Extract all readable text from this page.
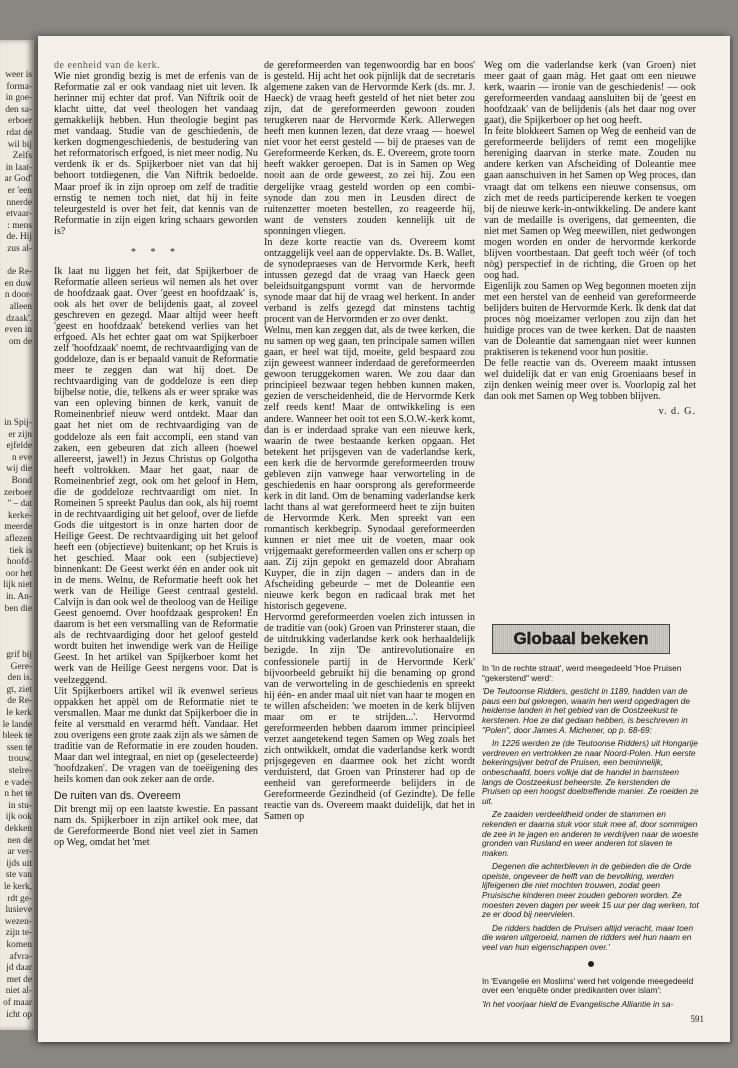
weer is
forma-
in goe-
den sa-
erboer
rdat de
wil bij
Zelfs
in laat-
ar God'
er 'een
nnerde
etvaar-
: mens
de. Hij
zus al-
de Re-
en duw
n door-
alleen
dzaak'.
even in
om de
in Spij-
er zijn
ejfelde
n eve
wij die
Bond
zerboer
'' – dat
kerke-
meerde
aflezen
tiek is
hoofd-
oor het
lijk niet
in. An-
ben die
grif bij
Gere-
den is.
gt, ziet
de Re-
le kerk
le lande
bleek te
ssen te
trouw.
stelre-
e vade-
n het te
in stu-
ijk ook
dekken
nen de
ar ver-
ijds uit
ste van
le kerk,
rdt ge-
lusieve
wezen-
zijn te-
komen
afvra-
jd daar
met de
niet al-
of maar
icht op

de eenheid van de kerk.

Wie niet grondig bezig is met de erfenis van de Reformatie zal er ook vandaag niet uit leven. Ik herinner mij echter dat prof. Van Niftrik ooit de klacht uitte, dat veel theologen het vandaag gemakkelijk hebben. Hun theologie begint pas met vandaag. Studie van de geschiedenis, de kerken dogmengeschiedenis, de bestudering van het reformatorisch erfgoed, is niet meer nodig. Nu verdenk ik er ds. Spijkerboer niet van dat hij behoort totdiegenen, die Van Niftrik bedoelde. Maar proef ik in zijn oproep om zelf de traditie ernstig te nemen toch niet, dat hij in feite teleurgesteld is over het feit, dat kennis van de Reformatie in zijn eigen kring schaars geworden is?

* * *

Ik laat nu liggen het feit, dat Spijkerboer de Reformatie alleen serieus wil nemen als het over de hoofdzaak gaat. Over 'geest en hoofdzaak' is, ook als het over de belijdenis gaat, al zoveel geschreven en gezegd. Maar altijd weer heeft 'geest en hoofdzaak' betekend verlies van het erfgoed. Als het echter gaat om wat Spijkerboer zelf 'hoofdzaak' noemt, de rechtvaardiging van de goddeloze, dan is er bepaald vanuit de Reformatie meer te zeggen dan wat hij doet. De rechtvaardiging van de goddeloze is een diep bijbelse notie, die, telkens als er weer sprake was van een opleving binnen de kerk, vanuit de Romeinenbrief nieuw werd ontdekt. Maar dan gaat het niet om de rechtvaardiging van de goddeloze als een fait accompli, een stand van zaken, een gebeuren dat zich alleen (hoewel allereerst, jawel!) in Jezus Christus op Golgotha heeft voltrokken. Maar het gaat, naar de Romeinenbrief zegt, ook om het geloof in Hem, die de goddeloze rechtvaardigt om niet. In Romeinen 5 spreekt Paulus dan ook, als hij roemt in de rechtvaardiging uit het geloof, over de liefde Gods die uitgestort is in onze harten door de Heilige Geest. De rechtvaardiging uit het geloof heeft een (objectieve) buitenkant; op het Kruis is het geschied. Maar ook een (subjectieve) binnenkant: De Geest werkt één en ander ook uit in de mens. Welnu, de Reformatie heeft ook het werk van de Heilige Geest centraal gesteld. Calvijn is dan ook wel de theoloog van de Heilige Geest genoemd. Over hoofdzaak gesproken! En daarom is het een versmalling van de Reformatie als de rechtvaardiging door het geloof gesteld wordt buiten het inwendige werk van de Heilige Geest. In het artikel van Spijkerboer komt het werk van de Heilige Geest nergens voor. Dat is veelzeggend.

Uit Spijkerboers artikel wil ik evenwel serieus oppakken het appèl om de Reformatie niet te versmallen. Maar me dunkt dat Spijkerboer die in feite al versmald en verarmd héft. Vandaar. Het zou overigens een grote zaak zijn als we sàmen de traditie van de Reformatie in ere zouden houden. Maar dan wel integraal, en niet op (geselecteerde) 'hoofdzaken'. De vragen van de toeëigening des heils komen dan ook zeker aan de orde.

De ruiten van ds. Overeem

Dit brengt mij op een laatste kwestie. En passant nam ds. Spijkerboer in zijn artikel ook mee, dat de Gereformeerde Bond niet veel ziet in Samen op Weg, omdat het 'met

de gereformeerden van tegenwoordig bar en boos' is gesteld. Hij acht het ook pijnlijk dat de secretaris algemene zaken van de Hervormde Kerk (ds. mr. J. Haeck) de vraag heeft gesteld of het niet beter zou zijn, dat de gereformeerden gewoon zouden terugkeren naar de Hervormde Kerk. Allerwegen heeft men kunnen lezen, dat deze vraag — hoewel niet voor het eerst gesteld — bij de praeses van de Gereformeerde Kerken, ds. E. Overeem, grote toorn heeft wakker geroepen. Dat is in Samen op Weg nooit aan de orde geweest, zo zei hij. Zou een dergelijke vraag gesteld worden op een combi-synode dan zou men in Leusden direct de ruitenzetter moeten bestellen, zo reageerde hij, want de vensters zouden kennelijk uit de sponningen vliegen.

In deze korte reactie van ds. Overeem komt ontzaggelijk veel aan de oppervlakte. Ds. B. Wallet, de synodepraeses van de Hervormde Kerk, heeft intussen gezegd dat de vraag van Haeck geen beleidsuitgangspunt vormt van de hervormde synode maar dat hij de vraag wel herkent. In ander verband is zelfs gezegd dat minstens tachtig procent van de Hervormden er zo over denkt.

Welnu, men kan zeggen dat, als de twee kerken, die nu samen op weg gaan, ten principale samen willen gaan, er heel wat tijd, moeite, geld bespaard zou zijn geweest wanneer inderdaad de gereformeerden gewoon teruggekomen waren. We zou daar dan principieel bezwaar tegen hebben kunnen maken, gezien de verscheidenheid, die de Hervormde Kerk zelf reeds kent! Maar de ontwikkeling is een andere. Wanneer het ooit tot een S.O.W.-kerk komt, dan is er inderdaad sprake van een nieuwe kerk, waarin de twee bestaande kerken opgaan. Het betekent het prijsgeven van de vaderlandse kerk, een kerk die de hervormde gereformeerden trouw gebleven zijn vanwege haar verworteling in de geschiedenis en haar oorsprong als gereformeerde kerk in dit land. Om de benaming vaderlandse kerk lacht thans al wat gereformeerd heet te zijn buiten de Hervormde Kerk. Men spreekt van een romantisch kerkbegrip. Synodaal gereformeerden kunnen er niet mee uit de voeten, maar ook vrijgemaakt gereformeerden vallen ons er scherp op aan. Zij zijn gepokt en gemazeld door Abraham Kuyper, die in zijn dagen – anders dan in de Afscheiding gebeurde – met de Doleantie een nieuwe kerk begon en radicaal brak met het historisch gegevene.

Hervormd gereformeerden voelen zich intussen in de traditie van (ook) Groen van Prinsterer staan, die de uitdrukking vaderlandse kerk ook herhaaldelijk bezigde. In zijn 'De antirevolutionaire en confessionele partij in de Hervormde Kerk' bijvoorbeeld gebruikt hij die benaming op grond van de verworteling in de geschiedenis en spreekt hij één- en ander maal uit niet van haar te mogen en te willen afscheiden: 'we moeten in de kerk blijven maar om er te strijden...'. Hervormd gereformeerden hebben daarom immer principieel verzet aangetekend tegen Samen op Weg zoals het zich ontwikkelt, omdat die vaderlandse kerk wordt prijsgegeven en daarmee ook het zicht wordt verduisterd, dat Groen van Prinsterer had op de eenheid van gereformeerde belijders in de Gereformeerde Gezindheid (of Gezindte). De felle reactie van ds. Overeem maakt duidelijk, dat het in Samen op

Weg om die vaderlandse kerk (van Groen) niet meer gaat of gaan màg. Het gaat om een nieuwe kerk, waarin — ironie van de geschiedenis! — ook gereformeerden vandaag aansluiten bij de 'geest en hoofdzaak' van de belijdenis (als het daar nog over gaat), die Spijkerboer op het oog heeft.

In feite blokkeert Samen op Weg de eenheid van de gereformeerde belijders of remt een mogelijke hereniging daarvan in sterke mate. Zouden nu andere kerken van Afscheiding of Doleantie mee gaan aanschuiven in het Samen op Weg proces, dan vraagt dat om telkens een nieuwe consensus, om zich met de reeds participerende kerken te voegen bij de nieuwe kerk-in-ontwikkeling. De andere kant van de medaille is overigens, dat gemeenten, die niet met Samen op Weg meewillen, niet gedwongen mogen worden en onder de hervormde kerkorde blijven voortbestaan. Dat geeft toch wéér (of toch nòg) perspectief in de richting, die Groen op het oog had.

Eigenlijk zou Samen op Weg begonnen moeten zijn met een herstel van de eenheid van gereformeerde belijders buiten de Hervormde Kerk. Ik denk dat dat proces nòg moeizamer verlopen zou zijn dan het huidige proces van de twee kerken. Dat de naasten van de Doleantie dat samengaan niet weer kunnen praktiseren is tekenend voor hun positie.

De felle reactie van ds. Overeem maakt intussen wel duidelijk dat er van enig Groeniaans besef in zijn denken weinig meer over is. Voorlopig zal het dan ook met Samen op Weg tobben blijven.

v. d. G.
Globaal bekeken

In 'In de rechte straat', werd meegedeeld 'Hoe Pruisen "gekerstend" werd':

'De Teutoonse Ridders, gesticht in 1189, hadden van de paus een bul gekregen, waarin hen werd opgedragen de heidense landen in het gebied van de Oostzeekust te kerstenen. Hoe ze dat gedaan hebben, is beschreven in "Polen", door James A. Michener, op p. 68-69:

In 1226 werden ze (de Teutoonse Ridders) uit Hongarije verdreven en vertrokken ze naar Noord-Polen. Hun eerste bekeringsijver betrof de Pruisen, een beminnelijk, onbeschaafd, boers volkje dat de handel in barnsteen langs de Oostzeekust beheerste. Ze kerstenden de Pruisen op een hoogst doeltreffende manier. Ze roeiden ze uit.

Ze zaaiden verdeeldheid onder de stammen en rekenden er daarna stuk voor stuk mee af, door sommigen de zee in te jagen en anderen te verdrijven naar de woeste gronden van Rusland en weer anderen tot slaven te maken.

Degenen die achterbleven in de gebieden die de Orde opeiste, ongeveer de helft van de bevolking, werden lijfeigenen die niet mochten trouwen, zodat geen Pruisische kinderen meer zouden geboren worden. Ze moesten zeven dagen per week 15 uur per dag werken, tot ze er dood bij neervielen.

De ridders hadden de Pruisen altijd veracht, maar toen die waren uitgeroeid, namen de ridders wel hun naam en veel van hun eigenschappen over.'

In 'Evangelie en Moslims' werd het volgende meegedeeld over een 'enquête onder predikanten over islam':

'In het voorjaar hield de Evangelische Alliantie in sa-

591
